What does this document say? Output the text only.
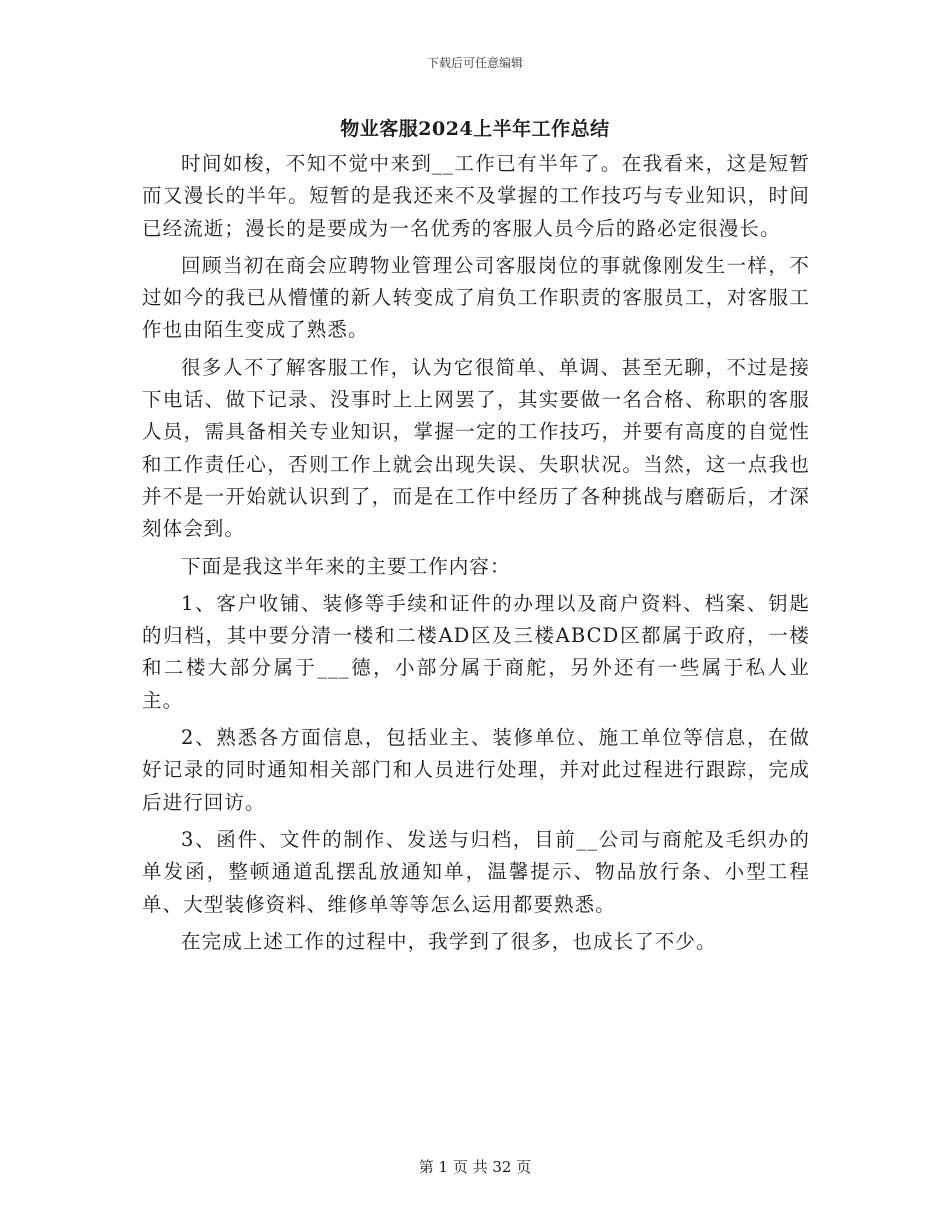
下载后可任意编辑
物业客服2024上半年工作总结

时间如梭，不知不觉中来到__工作已有半年了。在我看来，这是短暂而又漫长的半年。短暂的是我还来不及掌握的工作技巧与专业知识，时间已经流逝；漫长的是要成为一名优秀的客服人员今后的路必定很漫长。

回顾当初在商会应聘物业管理公司客服岗位的事就像刚发生一样，不过如今的我已从懵懂的新人转变成了肩负工作职责的客服员工，对客服工作也由陌生变成了熟悉。

很多人不了解客服工作，认为它很简单、单调、甚至无聊，不过是接下电话、做下记录、没事时上上网罢了，其实要做一名合格、称职的客服人员，需具备相关专业知识，掌握一定的工作技巧，并要有高度的自觉性和工作责任心，否则工作上就会出现失误、失职状况。当然，这一点我也并不是一开始就认识到了，而是在工作中经历了各种挑战与磨砺后，才深刻体会到。

下面是我这半年来的主要工作内容：

1、客户收铺、装修等手续和证件的办理以及商户资料、档案、钥匙的归档，其中要分清一楼和二楼AD区及三楼ABCD区都属于政府，一楼和二楼大部分属于___德，小部分属于商舵，另外还有一些属于私人业主。

2、熟悉各方面信息，包括业主、装修单位、施工单位等信息，在做好记录的同时通知相关部门和人员进行处理，并对此过程进行跟踪，完成后进行回访。

3、函件、文件的制作、发送与归档，目前__公司与商舵及毛织办的单发函，整顿通道乱摆乱放通知单，温馨提示、物品放行条、小型工程单、大型装修资料、维修单等等怎么运用都要熟悉。

在完成上述工作的过程中，我学到了很多，也成长了不少。

第 1 页 共 32 页
